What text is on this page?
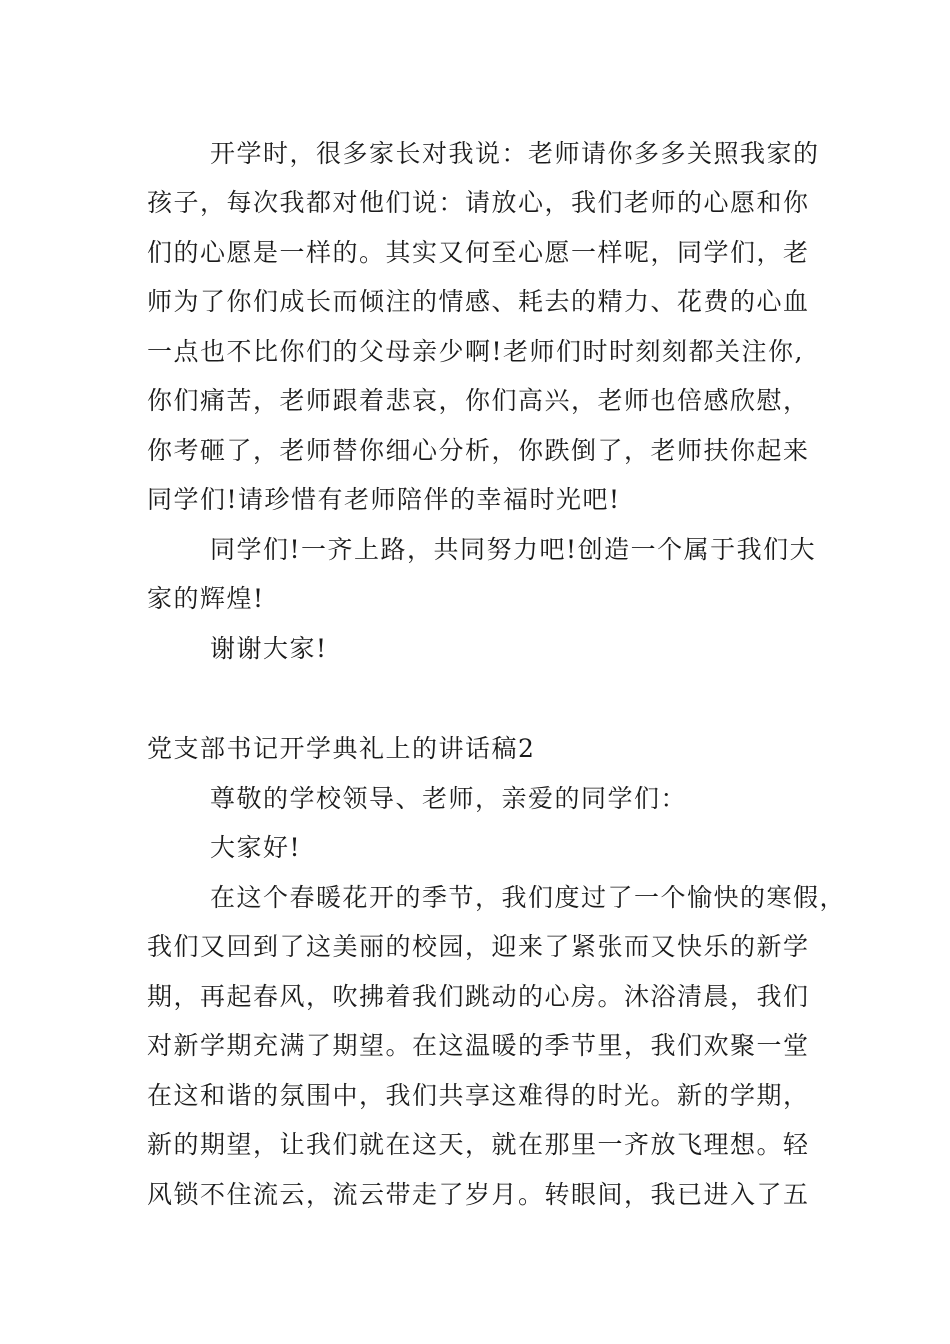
开学时，很多家长对我说：老师请你多多关照我家的
孩子，每次我都对他们说：请放心，我们老师的心愿和你
们的心愿是一样的。其实又何至心愿一样呢，同学们，老
师为了你们成长而倾注的情感、耗去的精力、花费的心血
一点也不比你们的父母亲少啊!老师们时时刻刻都关注你,
你们痛苦，老师跟着悲哀，你们高兴，老师也倍感欣慰，
你考砸了，老师替你细心分析，你跌倒了，老师扶你起来
同学们!请珍惜有老师陪伴的幸福时光吧!
同学们!一齐上路，共同努力吧!创造一个属于我们大
家的辉煌!
谢谢大家!
党支部书记开学典礼上的讲话稿2
尊敬的学校领导、老师，亲爱的同学们：
大家好!
在这个春暖花开的季节，我们度过了一个愉快的寒假，
我们又回到了这美丽的校园，迎来了紧张而又快乐的新学
期，再起春风，吹拂着我们跳动的心房。沐浴清晨，我们
对新学期充满了期望。在这温暖的季节里，我们欢聚一堂
在这和谐的氛围中，我们共享这难得的时光。新的学期，
新的期望，让我们就在这天，就在那里一齐放飞理想。轻
风锁不住流云，流云带走了岁月。转眼间，我已进入了五
